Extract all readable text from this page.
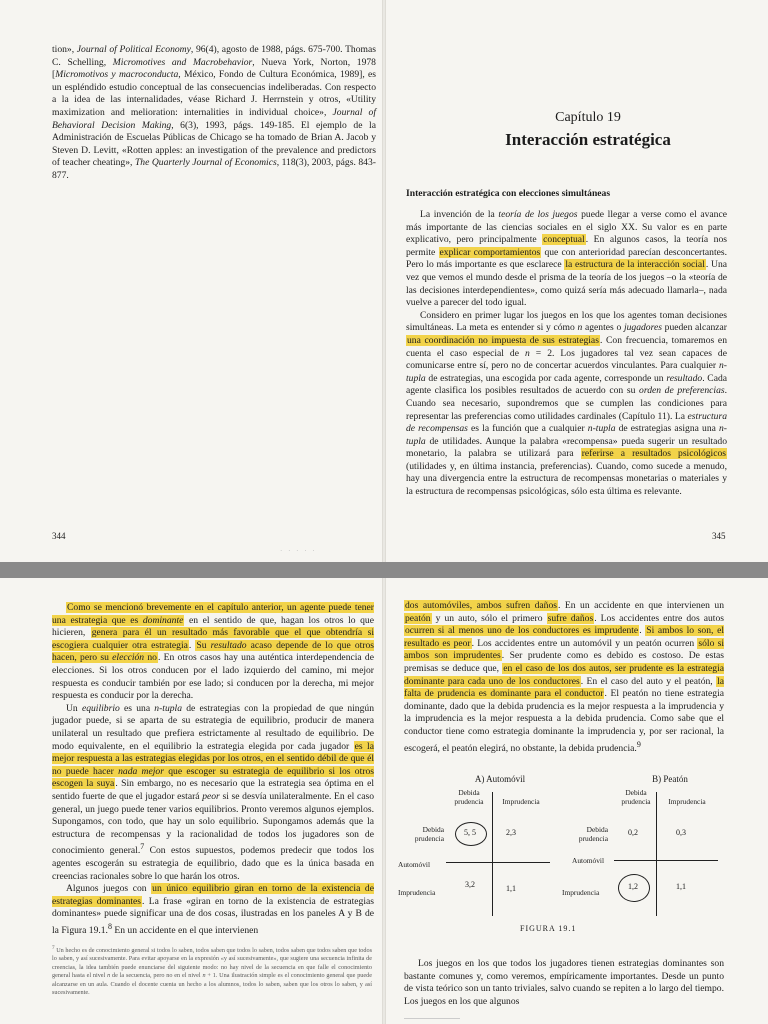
tion», Journal of Political Economy, 96(4), agosto de 1988, págs. 675-700. Thomas C. Schelling, Micromotives and Macrobehavior, Nueva York, Norton, 1978 [Micromotivos y macroconducta, México, Fondo de Cultura Económica, 1989], es un espléndido estudio conceptual de las consecuencias indeliberadas. Con respecto a la idea de las internalidades, véase Richard J. Herrnstein y otros, «Utility maximization and melioration: internalities in individual choice», Journal of Behavioral Decision Making, 6(3), 1993, págs. 149-185. El ejemplo de la Administración de Escuelas Públicas de Chicago se ha tomado de Brian A. Jacob y Steven D. Levitt, «Rotten apples: an investigation of the prevalence and predictors of teacher cheating», The Quarterly Journal of Economics, 118(3), 2003, págs. 843-877.
344
· · · · ·
Capítulo 19
Interacción estratégica
Interacción estratégica con elecciones simultáneas

La invención de la teoría de los juegos puede llegar a verse como el avance más importante de las ciencias sociales en el siglo XX. Su valor es en parte explicativo, pero principalmente conceptual. En algunos casos, la teoría nos permite explicar comportamientos que con anterioridad parecían desconcertantes. Pero lo más importante es que esclarece la estructura de la interacción social. Una vez que vemos el mundo desde el prisma de la teoría de los juegos –o la «teoría de las decisiones interdependientes», como quizá sería más adecuado llamarla–, nada vuelve a parecer del todo igual.

Considero en primer lugar los juegos en los que los agentes toman decisiones simultáneas. La meta es entender si y cómo n agentes o jugadores pueden alcanzar una coordinación no impuesta de sus estrategias. Con frecuencia, tomaremos en cuenta el caso especial de n = 2. Los jugadores tal vez sean capaces de comunicarse entre sí, pero no de concertar acuerdos vinculantes. Para cualquier n-tupla de estrategias, una escogida por cada agente, corresponde un resultado. Cada agente clasifica los posibles resultados de acuerdo con su orden de preferencias. Cuando sea necesario, supondremos que se cumplen las condiciones para representar las preferencias como utilidades cardinales (Capítulo 11). La estructura de recompensas es la función que a cualquier n-tupla de estrategias asigna una n-tupla de utilidades. Aunque la palabra «recompensa» pueda sugerir un resultado monetario, la palabra se utilizará para referirse a resultados psicológicos (utilidades y, en última instancia, preferencias). Cuando, como sucede a menudo, hay una divergencia entre la estructura de recompensas monetarias o materiales y la estructura de recompensas psicológicas, sólo esta última es relevante.

345

Como se mencionó brevemente en el capítulo anterior, un agente puede tener una estrategia que es dominante en el sentido de que, hagan los otros lo que hicieren, genera para él un resultado más favorable que el que obtendría si escogiera cualquier otra estrategia. Su resultado acaso depende de lo que otros hacen, pero su elección no. En otros casos hay una auténtica interdependencia de elecciones. Si los otros conducen por el lado izquierdo del camino, mi mejor respuesta es conducir también por ese lado; si conducen por la derecha, mi mejor respuesta es conducir por la derecha.

Un equilibrio es una n-tupla de estrategias con la propiedad de que ningún jugador puede, si se aparta de su estrategia de equilibrio, producir de manera unilateral un resultado que prefiera estrictamente al resultado de equilibrio. De modo equivalente, en el equilibrio la estrategia elegida por cada jugador es la mejor respuesta a las estrategias elegidas por los otros, en el sentido débil de que él no puede hacer nada mejor que escoger su estrategia de equilibrio si los otros escogen la suya. Sin embargo, no es necesario que la estrategia sea óptima en el sentido fuerte de que el jugador estará peor si se desvía unilateralmente. En el caso general, un juego puede tener varios equilibrios. Pronto veremos algunos ejemplos. Supongamos, con todo, que hay un solo equilibrio. Supongamos además que la estructura de recompensas y la racionalidad de todos los jugadores son de conocimiento general.$^7$ Con estos supuestos, podemos predecir que todos los agentes escogerán su estrategia de equilibrio, dado que es la única basada en creencias racionales sobre lo que harán los otros.

Algunos juegos con un único equilibrio giran en torno de la existencia de estrategias dominantes. La frase «giran en torno de la existencia de estrategias dominantes» puede significar una de dos cosas, ilustradas en los paneles A y B de la Figura 19.1.$^8$ En un accidente en el que intervienen

$^7$ Un hecho es de conocimiento general si todos lo saben, todos saben que todos lo saben, todos saben que todos saben que todos lo saben, y así sucesivamente. Para evitar apoyarse en la expresión «y así sucesivamente», que sugiere una secuencia infinita de creencias, la idea también puede enunciarse del siguiente modo: no hay nivel de la secuencia en que falle el conocimiento general hasta el nivel n de la secuencia, pero no en el nivel n + 1. Una ilustración simple es el conocimiento general que puede alcanzarse en un aula. Cuando el docente cuenta un hecho a los alumnos, todos lo saben, saben que los otros lo saben, y así sucesivamente.

dos automóviles, ambos sufren daños. En un accidente en que intervienen un peatón y un auto, sólo el primero sufre daños. Los accidentes entre dos autos ocurren si al menos uno de los conductores es imprudente. Si ambos lo son, el resultado es peor. Los accidentes entre un automóvil y un peatón ocurren sólo si ambos son imprudentes. Ser prudente como es debido es costoso. De estas premisas se deduce que, en el caso de los dos autos, ser prudente es la estrategia dominante para cada uno de los conductores. En el caso del auto y el peatón, la falta de prudencia es dominante para el conductor. El peatón no tiene estrategia dominante, dado que la debida prudencia es la mejor respuesta a la imprudencia y la imprudencia es la mejor respuesta a la debida prudencia. Como sabe que el conductor tiene como estrategia dominante la imprudencia y, por ser racional, la escogerá, el peatón elegirá, no obstante, la debida prudencia.$^9$

A) Automóvil
Debida prudencia	Imprudencia
Debida prudencia
Automóvil
Imprudencia
5, 5	2,3
3,2	1,1
B) Peatón
Debida prudencia	Imprudencia
Debida prudencia
Automóvil
Imprudencia
0,2	0,3
1,2	1,1
FIGURA 19.1

Los juegos en los que todos los jugadores tienen estrategias dominantes son bastante comunes y, como veremos, empíricamente importantes. Desde un punto de vista teórico son un tanto triviales, salvo cuando se repiten a lo largo del tiempo. Los juegos en los que algunos
